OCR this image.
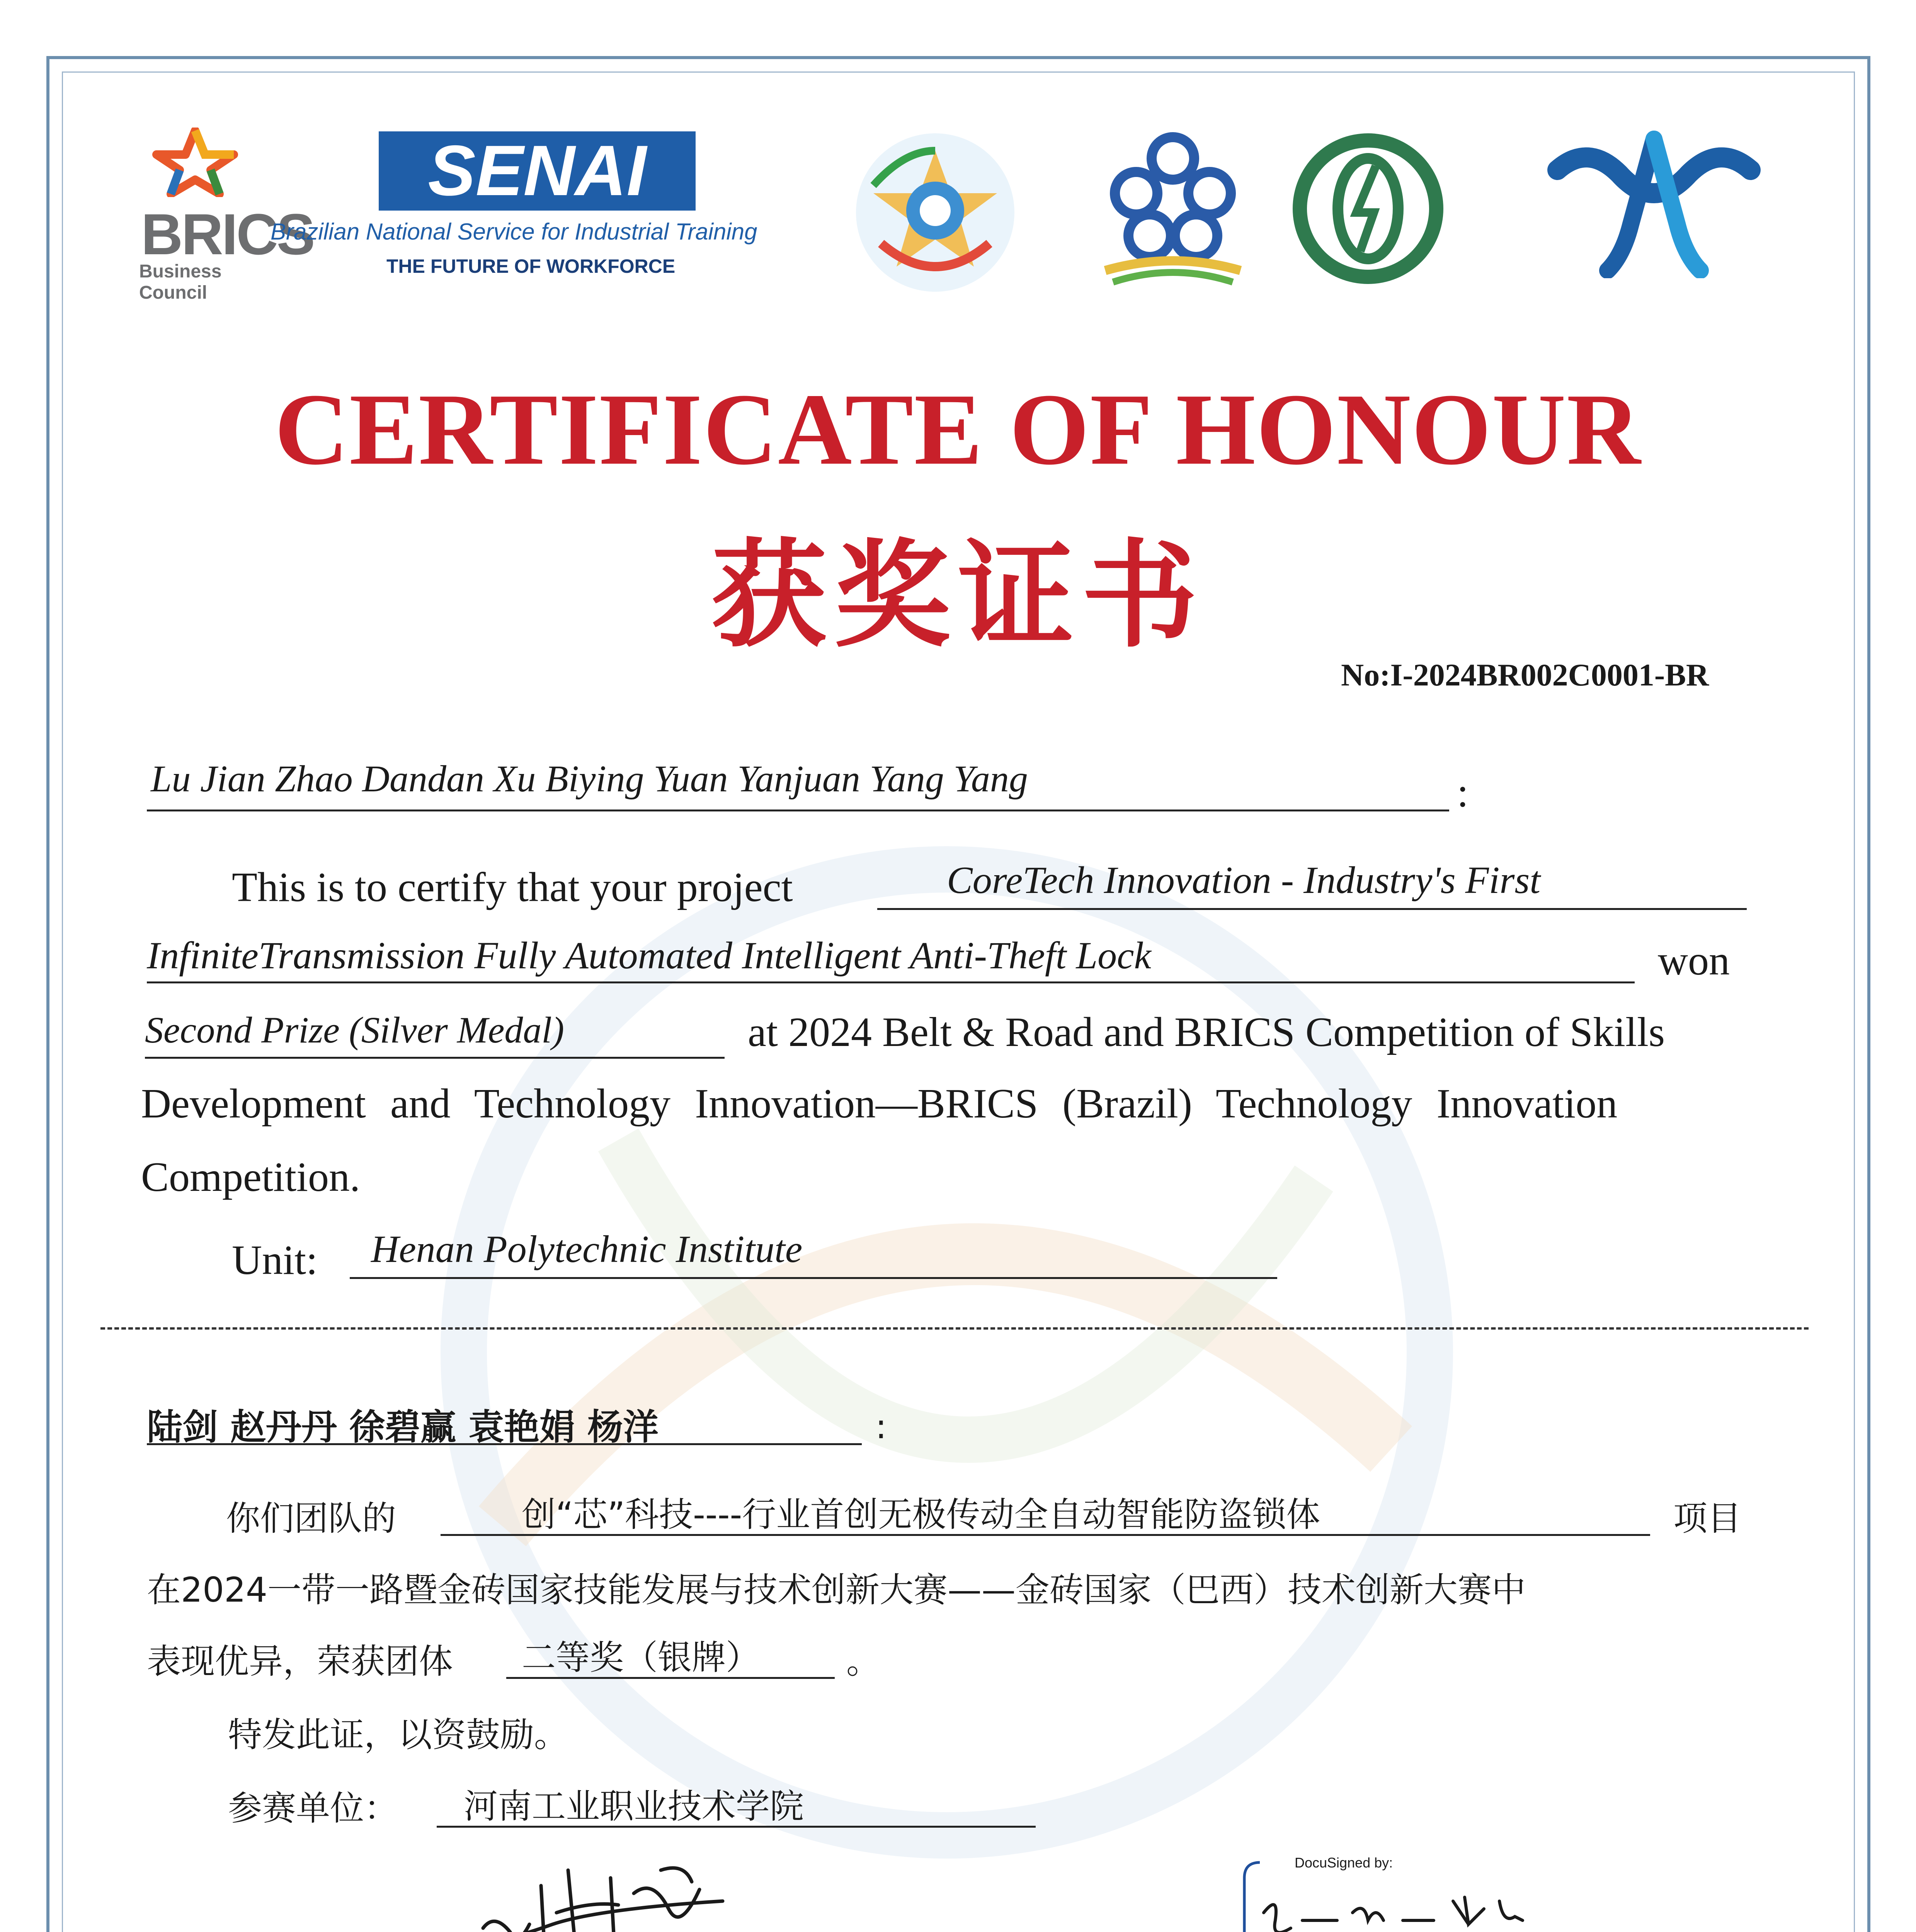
BRICS
Business Council
SENAI
Brazilian National Service for Industrial Training
THE FUTURE OF WORKFORCE
CERTIFICATE OF HONOUR
获奖证书
No:I-2024BR002C0001-BR
Lu Jian Zhao Dandan Xu Biying Yuan Yanjuan Yang Yang	:
This is to certify that your project	CoreTech Innovation - Industry's First
InfiniteTransmission Fully Automated Intelligent Anti-Theft Lock	won
Second Prize (Silver Medal)	at 2024 Belt & Road and BRICS Competition of Skills
Development and Technology Innovation—BRICS (Brazil) Technology Innovation
Competition.
Unit: Henan Polytechnic Institute
陆剑 赵丹丹 徐碧赢 袁艳娟 杨洋	:
你们团队的	创“芯”科技----行业首创无极传动全自动智能防盗锁体	项目
在2024一带一路暨金砖国家技能发展与技术创新大赛——金砖国家（巴西）技术创新大赛中
表现优异，荣获团体 二等奖（银牌）	。
特发此证，以资鼓励。
参赛单位： 河南工业职业技术学院
DocuSigned by:
